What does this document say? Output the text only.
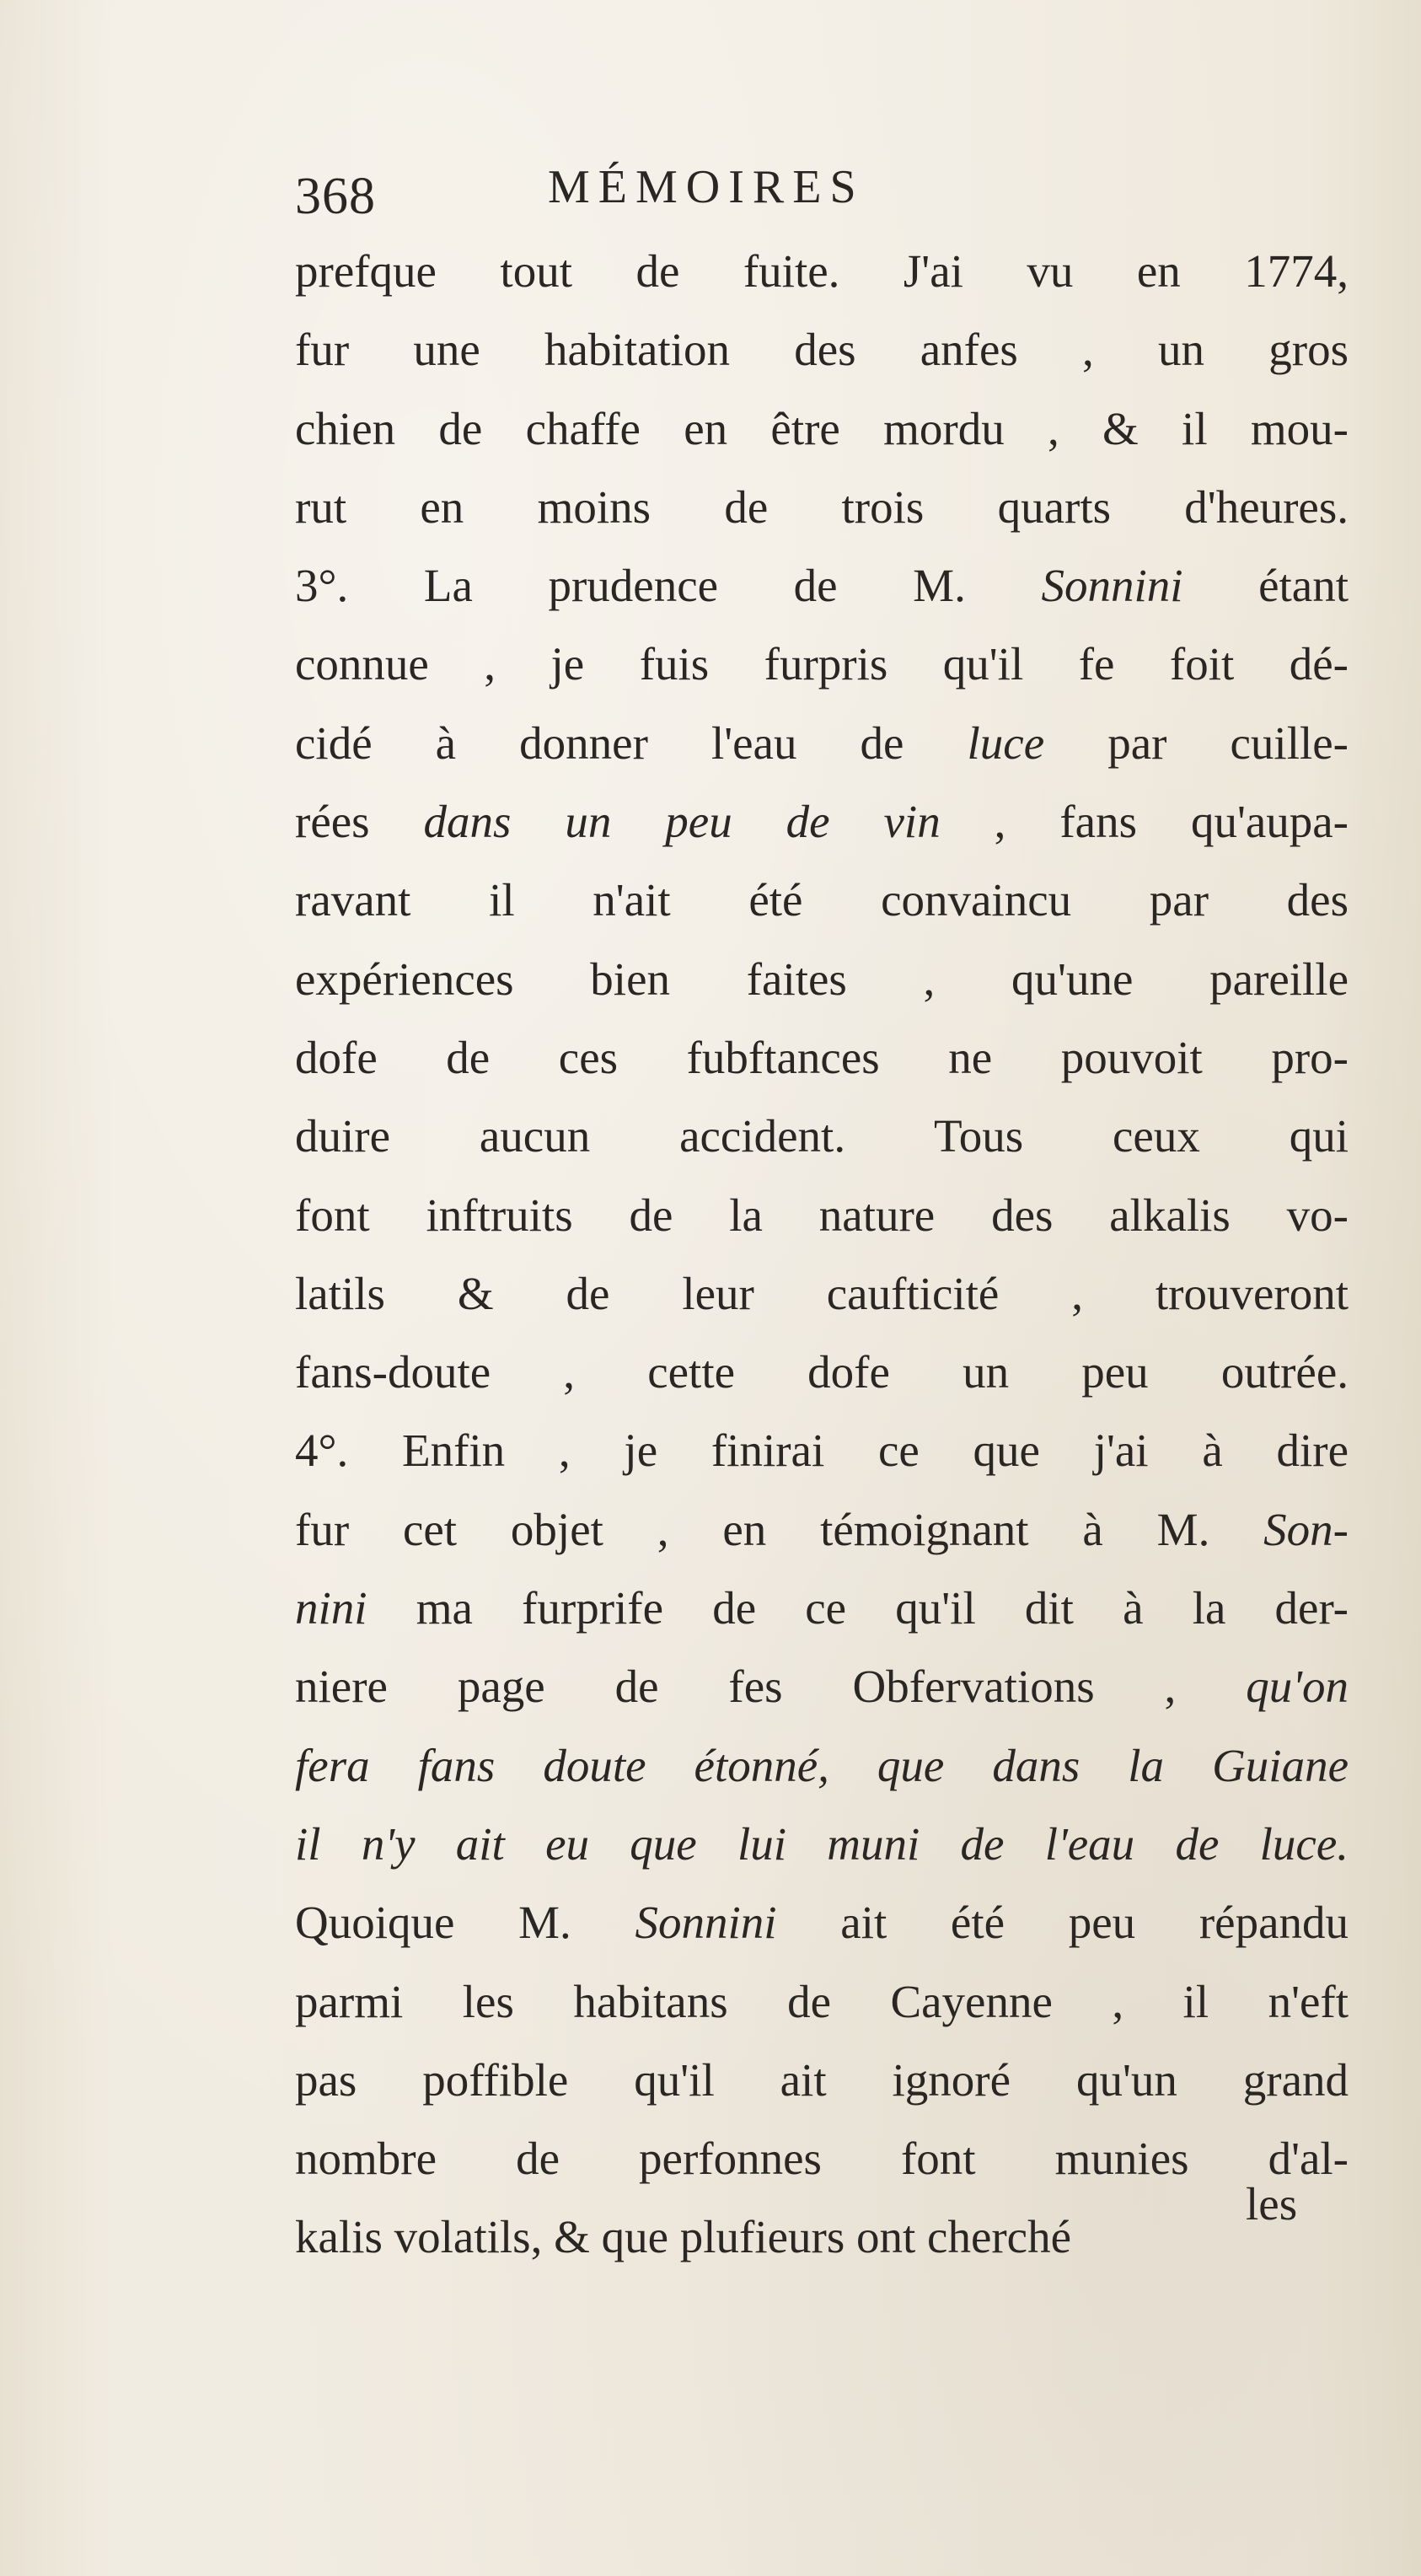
368	MÉMOIRES
prefque tout de fuite. J'ai vu en 1774,
fur une habitation des anfes , un gros
chien de chaffe en être mordu , & il mou-
rut en moins de trois quarts d'heures.
3°. La prudence de M. Sonnini étant
connue , je fuis furpris qu'il fe foit dé-
cidé à donner l'eau de luce par cuille-
rées dans un peu de vin , fans qu'aupa-
ravant il n'ait été convaincu par des
expériences bien faites , qu'une pareille
dofe de ces fubftances ne pouvoit pro-
duire aucun accident. Tous ceux qui
font inftruits de la nature des alkalis vo-
latils & de leur caufticité , trouveront
fans-doute , cette dofe un peu outrée.
4°. Enfin , je finirai ce que j'ai à dire
fur cet objet , en témoignant à M. Son-
nini ma furprife de ce qu'il dit à la der-
niere page de fes Obfervations , qu'on
fera fans doute étonné, que dans la Guiane
il n'y ait eu que lui muni de l'eau de luce.
Quoique M. Sonnini ait été peu répandu
parmi les habitans de Cayenne , il n'eft
pas poffible qu'il ait ignoré qu'un grand
nombre de perfonnes font munies d'al-
kalis volatils, & que plufieurs ont cherché
les
